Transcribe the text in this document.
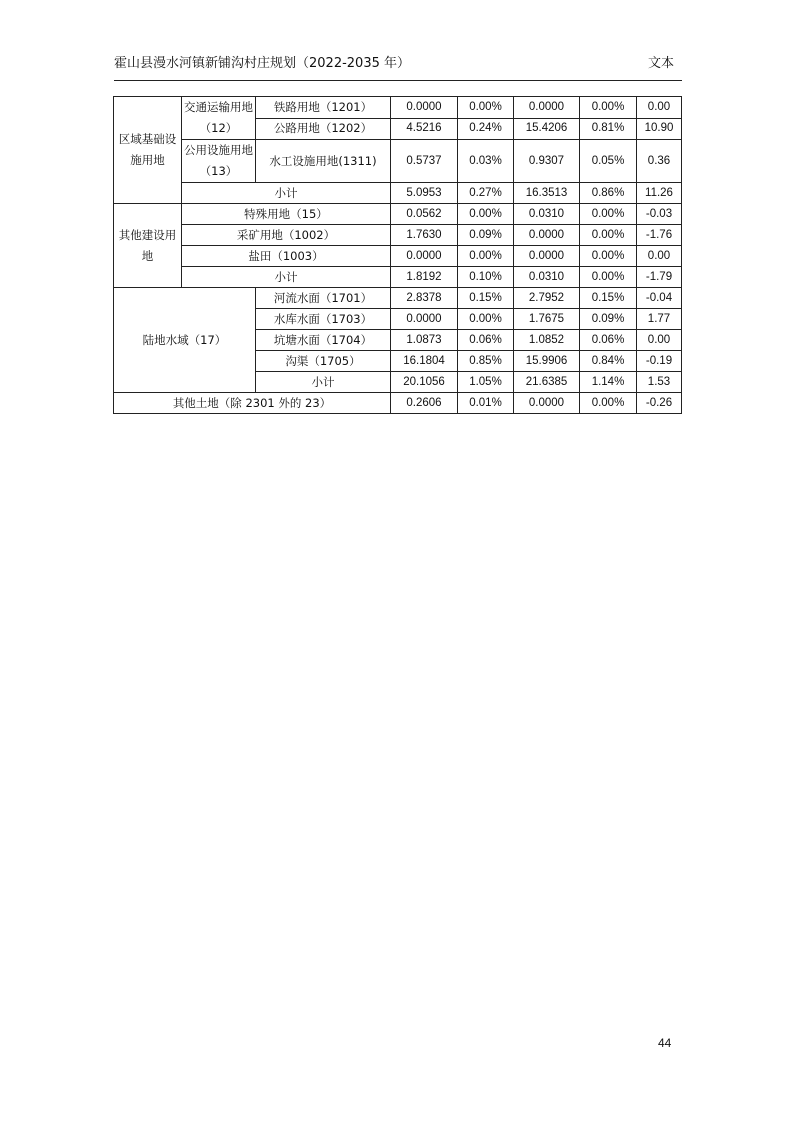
霍山县漫水河镇新铺沟村庄规划（2022-2035 年）	文本
区域基础设施用地	交通运输用地（12）	铁路用地（1201）	0.0000	0.00%	0.0000	0.00%	0.00
		公路用地（1202）	4.5216	0.24%	15.4206	0.81%	10.90
	公用设施用地（13）	水工设施用地(1311)	0.5737	0.03%	0.9307	0.05%	0.36
	小计		5.0953	0.27%	16.3513	0.86%	11.26
其他建设用地	特殊用地（15）		0.0562	0.00%	0.0310	0.00%	-0.03
	采矿用地（1002）		1.7630	0.09%	0.0000	0.00%	-1.76
	盐田（1003）		0.0000	0.00%	0.0000	0.00%	0.00
	小计		1.8192	0.10%	0.0310	0.00%	-1.79
陆地水域（17）		河流水面（1701）	2.8378	0.15%	2.7952	0.15%	-0.04
		水库水面（1703）	0.0000	0.00%	1.7675	0.09%	1.77
		坑塘水面（1704）	1.0873	0.06%	1.0852	0.06%	0.00
		沟渠（1705）	16.1804	0.85%	15.9906	0.84%	-0.19
		小计	20.1056	1.05%	21.6385	1.14%	1.53
其他土地（除 2301 外的 23）			0.2606	0.01%	0.0000	0.00%	-0.26
44
